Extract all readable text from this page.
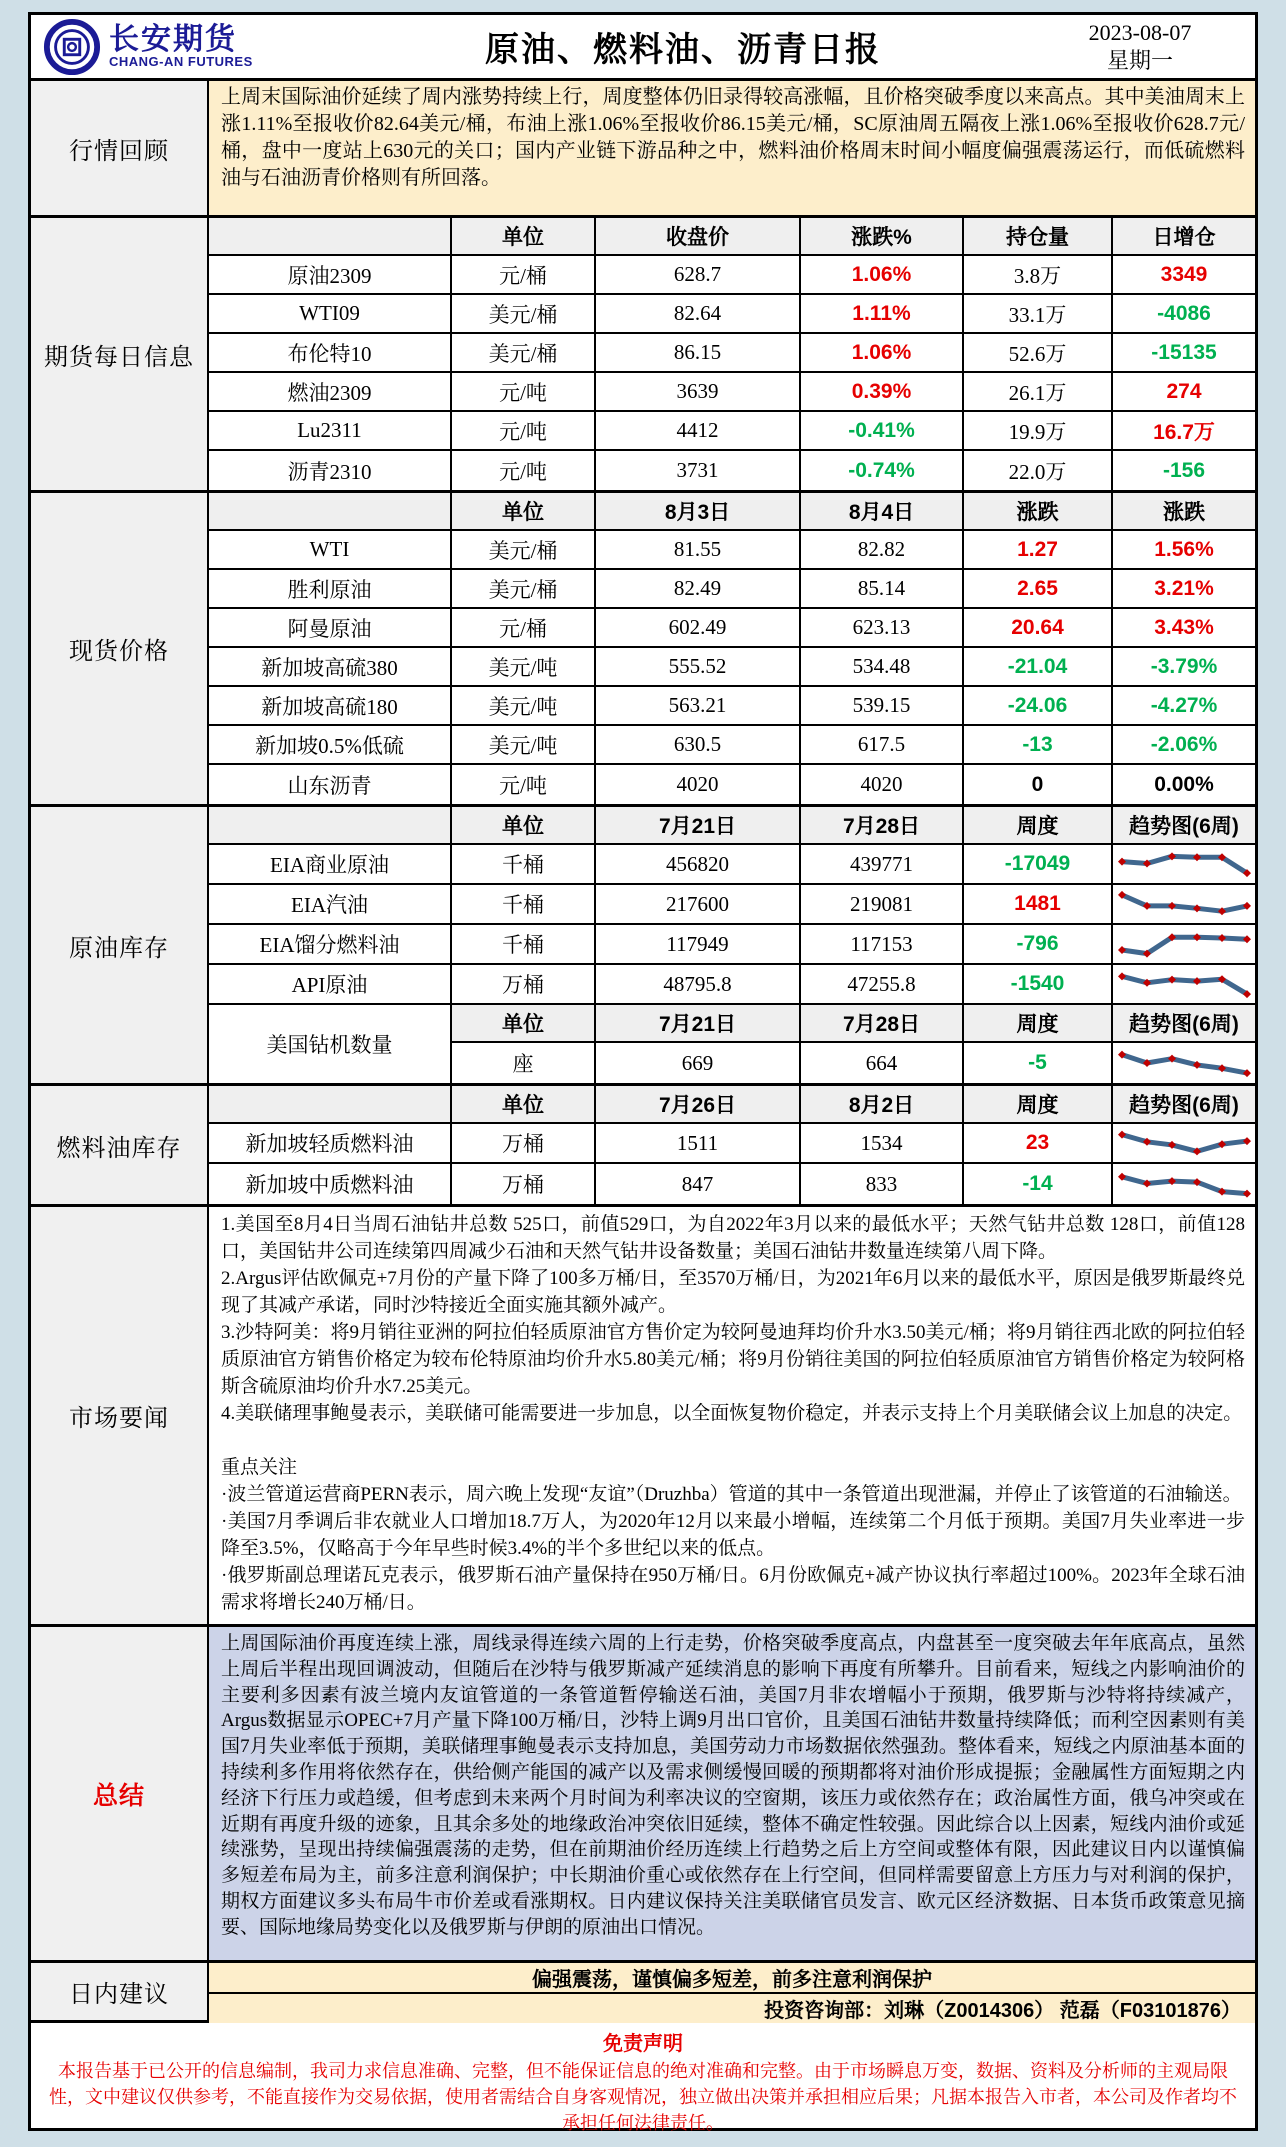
长安期货
CHANG-AN FUTURES	原油、燃料油、沥青日报	2023-08-07
星期一
行情回顾
上周末国际油价延续了周内涨势持续上行，周度整体仍旧录得较高涨幅，且价格突破季度以来高点。其中美油周末上涨1.11%至报收价82.64美元/桶，布油上涨1.06%至报收价86.15美元/桶，SC原油周五隔夜上涨1.06%至报收价628.7元/桶，盘中一度站上630元的关口；国内产业链下游品种之中，燃料油价格周末时间小幅度偏强震荡运行，而低硫燃料油与石油沥青价格则有所回落。
期货每日信息
单位	收盘价	涨跌%	持仓量	日增仓
原油2309	元/桶	628.7	1.06%	3.8万	3349
WTI09	美元/桶	82.64	1.11%	33.1万	-4086
布伦特10	美元/桶	86.15	1.06%	52.6万	-15135
燃油2309	元/吨	3639	0.39%	26.1万	274
Lu2311	元/吨	4412	-0.41%	19.9万	16.7万
沥青2310	元/吨	3731	-0.74%	22.0万	-156
现货价格
单位	8月3日	8月4日	涨跌	涨跌
WTI	美元/桶	81.55	82.82	1.27	1.56%
胜利原油	美元/桶	82.49	85.14	2.65	3.21%
阿曼原油	元/桶	602.49	623.13	20.64	3.43%
新加坡高硫380	美元/吨	555.52	534.48	-21.04	-3.79%
新加坡高硫180	美元/吨	563.21	539.15	-24.06	-4.27%
新加坡0.5%低硫	美元/吨	630.5	617.5	-13	-2.06%
山东沥青	元/吨	4020	4020	0	0.00%
原油库存
单位	7月21日	7月28日	周度	趋势图(6周)
EIA商业原油	千桶	456820	439771	-17049
EIA汽油	千桶	217600	219081	1481
EIA馏分燃料油	千桶	117949	117153	-796
API原油	万桶	48795.8	47255.8	-1540
美国钻机数量
单位	7月21日	7月28日	周度	趋势图(6周)
座	669	664	-5
燃料油库存
单位	7月26日	8月2日	周度	趋势图(6周)
新加坡轻质燃料油	万桶	1511	1534	23
新加坡中质燃料油	万桶	847	833	-14
市场要闻

1.美国至8月4日当周石油钻井总数 525口，前值529口，为自2022年3月以来的最低水平；天然气钻井总数 128口，前值128口，美国钻井公司连续第四周减少石油和天然气钻井设备数量；美国石油钻井数量连续第八周下降。

2.Argus评估欧佩克+7月份的产量下降了100多万桶/日，至3570万桶/日，为2021年6月以来的最低水平，原因是俄罗斯最终兑现了其减产承诺，同时沙特接近全面实施其额外减产。

3.沙特阿美：将9月销往亚洲的阿拉伯轻质原油官方售价定为较阿曼迪拜均价升水3.50美元/桶；将9月销往西北欧的阿拉伯轻质原油官方销售价格定为较布伦特原油均价升水5.80美元/桶；将9月份销往美国的阿拉伯轻质原油官方销售价格定为较阿格斯含硫原油均价升水7.25美元。

4.美联储理事鲍曼表示，美联储可能需要进一步加息，以全面恢复物价稳定，并表示支持上个月美联储会议上加息的决定。

重点关注

·波兰管道运营商PERN表示，周六晚上发现“友谊”（Druzhba）管道的其中一条管道出现泄漏，并停止了该管道的石油输送。

·美国7月季调后非农就业人口增加18.7万人，为2020年12月以来最小增幅，连续第二个月低于预期。美国7月失业率进一步降至3.5%，仅略高于今年早些时候3.4%的半个多世纪以来的低点。

·俄罗斯副总理诺瓦克表示，俄罗斯石油产量保持在950万桶/日。6月份欧佩克+减产协议执行率超过100%。2023年全球石油需求将增长240万桶/日。

总结
上周国际油价再度连续上涨，周线录得连续六周的上行走势，价格突破季度高点，内盘甚至一度突破去年年底高点，虽然上周后半程出现回调波动，但随后在沙特与俄罗斯减产延续消息的影响下再度有所攀升。目前看来，短线之内影响油价的主要利多因素有波兰境内友谊管道的一条管道暂停输送石油，美国7月非农增幅小于预期，俄罗斯与沙特将持续减产，Argus数据显示OPEC+7月产量下降100万桶/日，沙特上调9月出口官价，且美国石油钻井数量持续降低；而利空因素则有美国7月失业率低于预期，美联储理事鲍曼表示支持加息，美国劳动力市场数据依然强劲。整体看来，短线之内原油基本面的持续利多作用将依然存在，供给侧产能国的减产以及需求侧缓慢回暖的预期都将对油价形成提振；金融属性方面短期之内经济下行压力或趋缓，但考虑到未来两个月时间为利率决议的空窗期，该压力或依然存在；政治属性方面，俄乌冲突或在近期有再度升级的迹象，且其余多处的地缘政治冲突依旧延续，整体不确定性较强。因此综合以上因素，短线内油价或延续涨势，呈现出持续偏强震荡的走势，但在前期油价经历连续上行趋势之后上方空间或整体有限，因此建议日内以谨慎偏多短差布局为主，前多注意利润保护；中长期油价重心或依然存在上行空间，但同样需要留意上方压力与对利润的保护，期权方面建议多头布局牛市价差或看涨期权。日内建议保持关注美联储官员发言、欧元区经济数据、日本货币政策意见摘要、国际地缘局势变化以及俄罗斯与伊朗的原油出口情况。
日内建议
偏强震荡，谨慎偏多短差，前多注意利润保护
投资咨询部：刘琳（Z0014306） 范磊（F03101876）
免责声明
本报告基于已公开的信息编制，我司力求信息准确、完整，但不能保证信息的绝对准确和完整。由于市场瞬息万变，数据、资料及分析师的主观局限性，文中建议仅供参考，不能直接作为交易依据，使用者需结合自身客观情况，独立做出决策并承担相应后果；凡据本报告入市者，本公司及作者均不承担任何法律责任。
